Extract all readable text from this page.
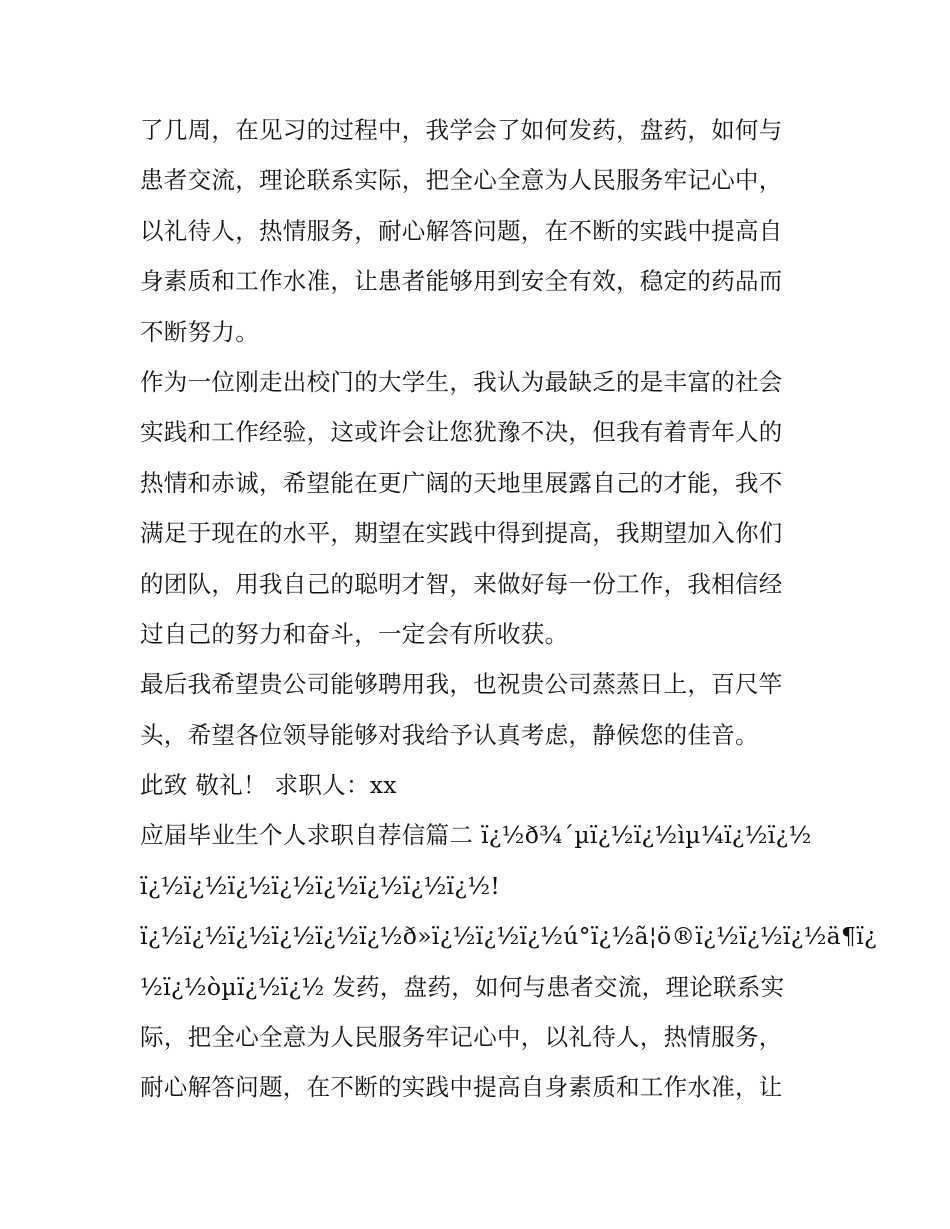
了几周，在见习的过程中，我学会了如何发药，盘药，如何与
患者交流，理论联系实际，把全心全意为人民服务牢记心中，
以礼待人，热情服务，耐心解答问题，在不断的实践中提高自
身素质和工作水准，让患者能够用到安全有效，稳定的药品而
不断努力。
作为一位刚走出校门的大学生，我认为最缺乏的是丰富的社会
实践和工作经验，这或许会让您犹豫不决，但我有着青年人的
热情和赤诚，希望能在更广阔的天地里展露自己的才能，我不
满足于现在的水平，期望在实践中得到提高，我期望加入你们
的团队，用我自己的聪明才智，来做好每一份工作，我相信经
过自己的努力和奋斗，一定会有所收获。
最后我希望贵公司能够聘用我，也祝贵公司蒸蒸日上，百尺竿
头，希望各位领导能够对我给予认真考虑，静候您的佳音。
此致 敬礼！ 求职人：xx
应届毕业生个人求职自荐信篇二 ï¿½ð¾´µï¿½ï¿½ìµ¼ï¿½ï¿½
ï¿½ï¿½ï¿½ï¿½ï¿½ï¿½ï¿½ï¿½!
ï¿½ï¿½ï¿½ï¿½ï¿½ï¿½ð»ï¿½ï¿½ï¿½ú°ï¿½ã¦ö®ï¿½ï¿½ï¿½ä¶ï¿
½ï¿½òµï¿½ï¿½ 发药，盘药，如何与患者交流，理论联系实
际，把全心全意为人民服务牢记心中，以礼待人，热情服务，
耐心解答问题，在不断的实践中提高自身素质和工作水准，让
